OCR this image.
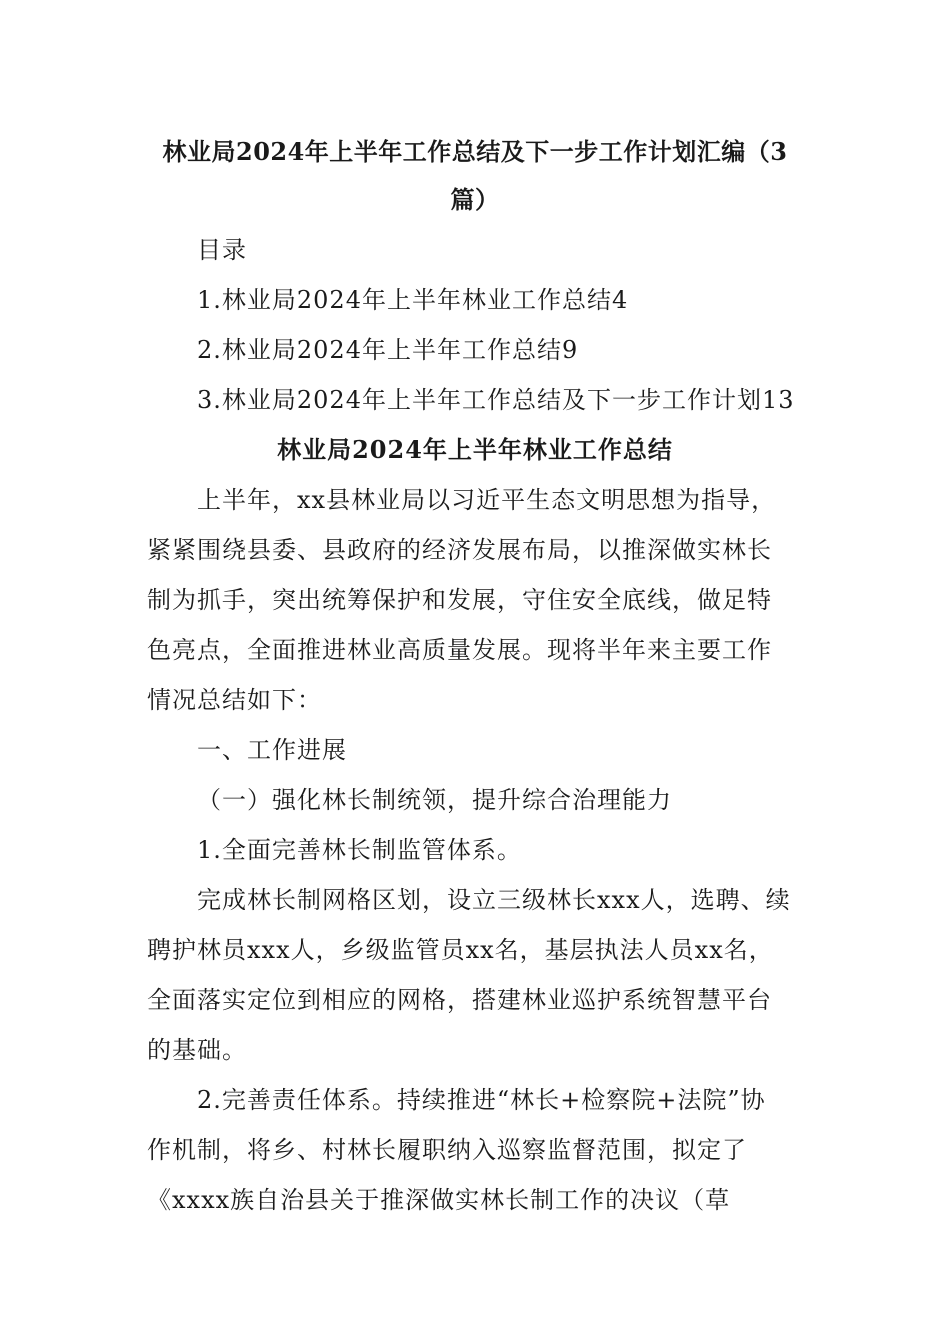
林业局2024年上半年工作总结及下一步工作计划汇编（3
篇）
目录
1.林业局2024年上半年林业工作总结4
2.林业局2024年上半年工作总结9
3.林业局2024年上半年工作总结及下一步工作计划13
林业局2024年上半年林业工作总结
上半年，xx县林业局以习近平生态文明思想为指导，
紧紧围绕县委、县政府的经济发展布局，以推深做实林长
制为抓手，突出统筹保护和发展，守住安全底线，做足特
色亮点，全面推进林业高质量发展。现将半年来主要工作
情况总结如下：
一、工作进展
（一）强化林长制统领，提升综合治理能力
1.全面完善林长制监管体系。
完成林长制网格区划，设立三级林长xxx人，选聘、续
聘护林员xxx人，乡级监管员xx名，基层执法人员xx名，
全面落实定位到相应的网格，搭建林业巡护系统智慧平台
的基础。
2.完善责任体系。持续推进“林长+检察院+法院”协
作机制，将乡、村林长履职纳入巡察监督范围，拟定了
《xxxx族自治县关于推深做实林长制工作的决议（草
